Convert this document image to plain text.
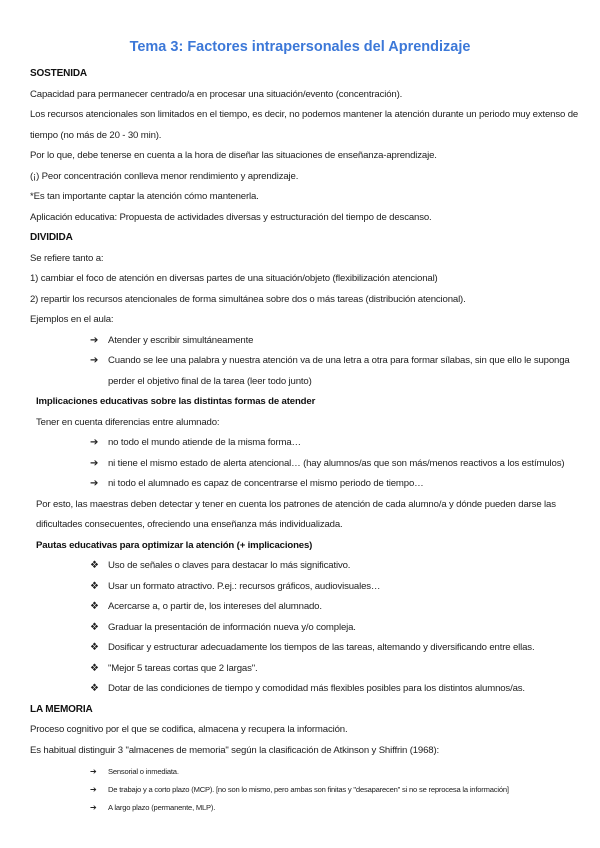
Tema 3: Factores intrapersonales del Aprendizaje
SOSTENIDA
Capacidad para permanecer centrado/a en procesar una situación/evento (concentración).
Los recursos atencionales son limitados en el tiempo, es decir, no podemos mantener la atención durante un periodo muy extenso de
tiempo (no más de 20 - 30 min).
Por lo que, debe tenerse en cuenta a la hora de diseñar las situaciones de enseñanza-aprendizaje.
(¡) Peor concentración conlleva menor rendimiento y aprendizaje.
*Es tan importante captar la atención cómo mantenerla.
Aplicación educativa: Propuesta de actividades diversas y estructuración del tiempo de descanso.
DIVIDIDA
Se refiere tanto a:
1) cambiar el foco de atención en diversas partes de una situación/objeto (flexibilización atencional)
2) repartir los recursos atencionales de forma simultánea sobre dos o más tareas (distribución atencional).
Ejemplos en el aula:
➔	Atender y escribir simultáneamente
➔	Cuando se lee una palabra y nuestra atención va de una letra a otra para formar sílabas, sin que ello le suponga
perder el objetivo final de la tarea (leer todo junto)
Implicaciones educativas sobre las distintas formas de atender
Tener en cuenta diferencias entre alumnado:
➔	no todo el mundo atiende de la misma forma…
➔	ni tiene el mismo estado de alerta atencional… (hay alumnos/as que son más/menos reactivos a los estímulos)
➔	ni todo el alumnado es capaz de concentrarse el mismo periodo de tiempo…
Por esto, las maestras deben detectar y tener en cuenta los patrones de atención de cada alumno/a y dónde pueden darse las
dificultades consecuentes, ofreciendo una enseñanza más individualizada.
Pautas educativas para optimizar la atención (+ implicaciones)
❖ Uso de señales o claves para destacar lo más significativo.
❖ Usar un formato atractivo. P.ej.: recursos gráficos, audiovisuales…
❖ Acercarse a, o partir de, los intereses del alumnado.
❖ Graduar la presentación de información nueva y/o compleja.
❖ Dosificar y estructurar adecuadamente los tiempos de las tareas, altemando y diversificando entre ellas.
❖ "Mejor 5 tareas cortas que 2 largas".
❖ Dotar de las condiciones de tiempo y comodidad más flexibles posibles para los distintos alumnos/as.
LA MEMORIA
Proceso cognitivo por el que se codifica, almacena y recupera la información.
Es habitual distinguir 3 "almacenes de memoria" según la clasificación de Atkinson y Shiffrin (1968):
➔	Sensorial o inmediata.
➔	De trabajo y a corto plazo (MCP). [no son lo mismo, pero ambas son finitas y "desaparecen" si no se reprocesa la información]
➔	A largo plazo (permanente, MLP).
